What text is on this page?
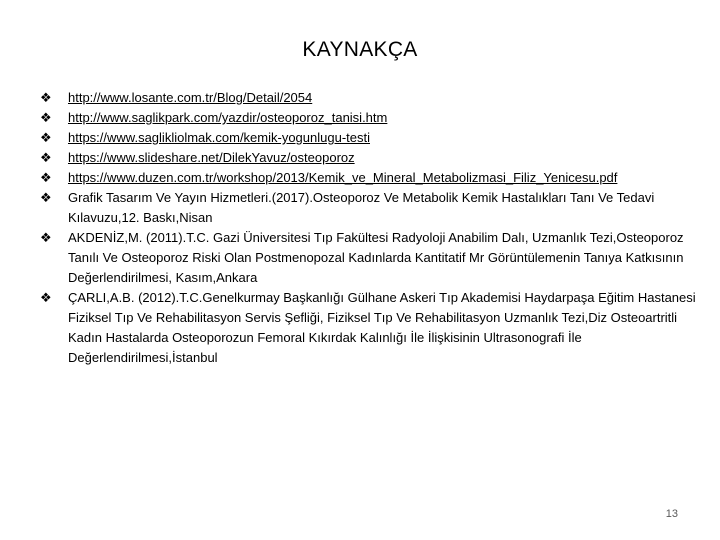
KAYNAKÇA
❖ http://www.losante.com.tr/Blog/Detail/2054
❖ http://www.saglikpark.com/yazdir/osteoporoz_tanisi.htm
❖ https://www.saglikliolmak.com/kemik-yogunlugu-testi
❖ https://www.slideshare.net/DilekYavuz/osteoporoz
❖ https://www.duzen.com.tr/workshop/2013/Kemik_ve_Mineral_Metabolizmasi_Filiz_Yenicesu.pdf
❖ Grafik Tasarım Ve Yayın Hizmetleri.(2017).Osteoporoz Ve Metabolik Kemik Hastalıkları Tanı Ve Tedavi Kılavuzu,12. Baskı,Nisan
❖ AKDENİZ,M. (2011).T.C. Gazi Üniversitesi Tıp Fakültesi Radyoloji Anabilim Dalı, Uzmanlık Tezi,Osteoporoz Tanılı Ve Osteoporoz Riski Olan Postmenopozal Kadınlarda Kantitatif Mr Görüntülemenin Tanıya Katkısının Değerlendirilmesi, Kasım,Ankara
❖ ÇARLI,A.B. (2012).T.C.Genelkurmay Başkanlığı Gülhane Askeri Tıp Akademisi Haydarpaşa Eğitim Hastanesi Fiziksel Tıp Ve Rehabilitasyon Servis Şefliği, Fiziksel Tıp Ve Rehabilitasyon Uzmanlık Tezi,Diz Osteoartritli Kadın Hastalarda Osteoporozun Femoral Kıkırdak Kalınlığı İle İlişkisinin Ultrasonografi İle Değerlendirilmesi,İstanbul
13
